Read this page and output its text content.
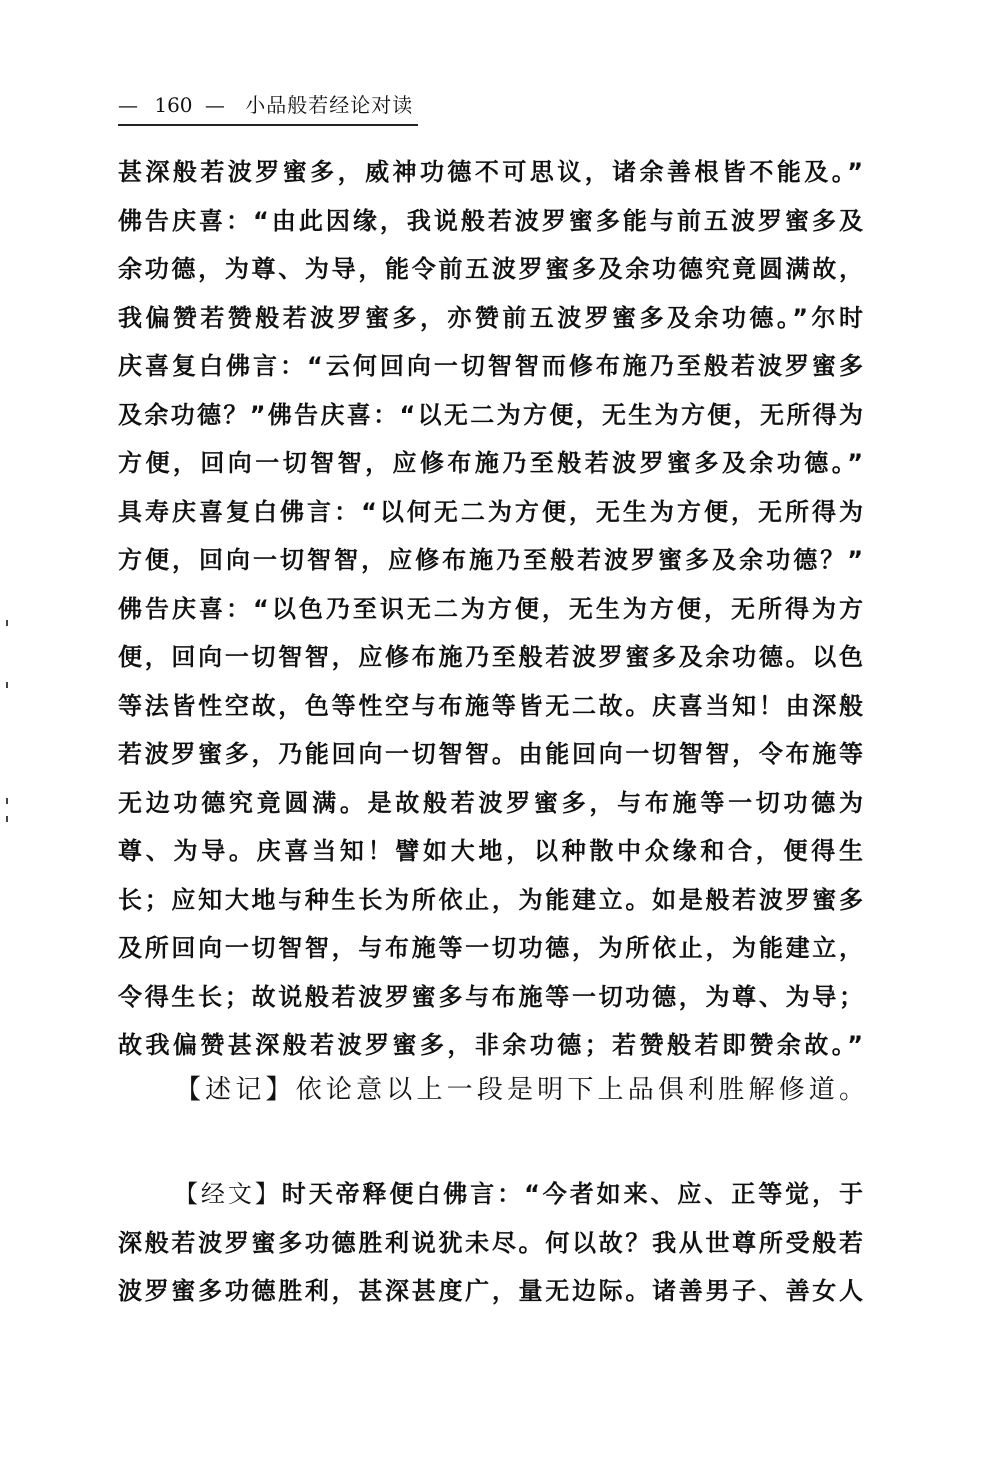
— 160 — 小品般若经论对读
甚深般若波罗蜜多，威神功德不可思议，诸余善根皆不能及。”
佛告庆喜：“由此因缘，我说般若波罗蜜多能与前五波罗蜜多及
余功德，为尊、为导，能令前五波罗蜜多及余功德究竟圆满故，
我偏赞若赞般若波罗蜜多，亦赞前五波罗蜜多及余功德。”尔时
庆喜复白佛言：“云何回向一切智智而修布施乃至般若波罗蜜多
及余功德？”佛告庆喜：“以无二为方便，无生为方便，无所得为
方便，回向一切智智，应修布施乃至般若波罗蜜多及余功德。”
具寿庆喜复白佛言：“以何无二为方便，无生为方便，无所得为
方便，回向一切智智，应修布施乃至般若波罗蜜多及余功德？”
佛告庆喜：“以色乃至识无二为方便，无生为方便，无所得为方
便，回向一切智智，应修布施乃至般若波罗蜜多及余功德。以色
等法皆性空故，色等性空与布施等皆无二故。庆喜当知！由深般
若波罗蜜多，乃能回向一切智智。由能回向一切智智，令布施等
无边功德究竟圆满。是故般若波罗蜜多，与布施等一切功德为
尊、为导。庆喜当知！譬如大地，以种散中众缘和合，便得生
长；应知大地与种生长为所依止，为能建立。如是般若波罗蜜多
及所回向一切智智，与布施等一切功德，为所依止，为能建立，
令得生长；故说般若波罗蜜多与布施等一切功德，为尊、为导；
故我偏赞甚深般若波罗蜜多，非余功德；若赞般若即赞余故。”
【述记】依论意以上一段是明下上品俱利胜解修道。
【经文】时天帝释便白佛言：“今者如来、应、正等觉，于
深般若波罗蜜多功德胜利说犹未尽。何以故？我从世尊所受般若
波罗蜜多功德胜利，甚深甚度广，量无边际。诸善男子、善女人
